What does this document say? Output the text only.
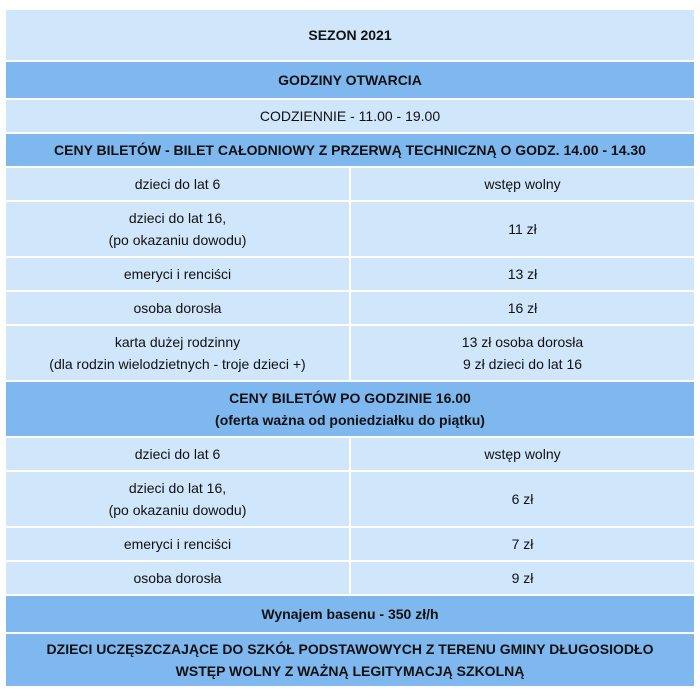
SEZON 2021	
GODZINY OTWARCIA	
CODZIENNIE - 11.00 - 19.00	
CENY BILETÓW - BILET CAŁODNIOWY Z PRZERWĄ TECHNICZNĄ O GODZ. 14.00 - 14.30	
dzieci do lat 6	wstęp wolny
dzieci do lat 16,
(po okazaniu dowodu)	11 zł
emeryci i renciści	13 zł
osoba dorosła	16 zł
karta dużej rodzinny
(dla rodzin wielodzietnych - troje dzieci +)	13 zł osoba dorosła
9 zł dzieci do lat 16
CENY BILETÓW PO GODZINIE 16.00
(oferta ważna od poniedziałku do piątku)	
dzieci do lat 6	wstęp wolny
dzieci do lat 16,
(po okazaniu dowodu)	6 zł
emeryci i renciści	7 zł
osoba dorosła	9 zł
Wynajem basenu - 350 zł/h	
DZIECI UCZĘSZCZAJĄCE DO SZKÓŁ PODSTAWOWYCH Z TERENU GMINY DŁUGOSIODŁO
WSTĘP WOLNY Z WAŻNĄ LEGITYMACJĄ SZKOLNĄ	
